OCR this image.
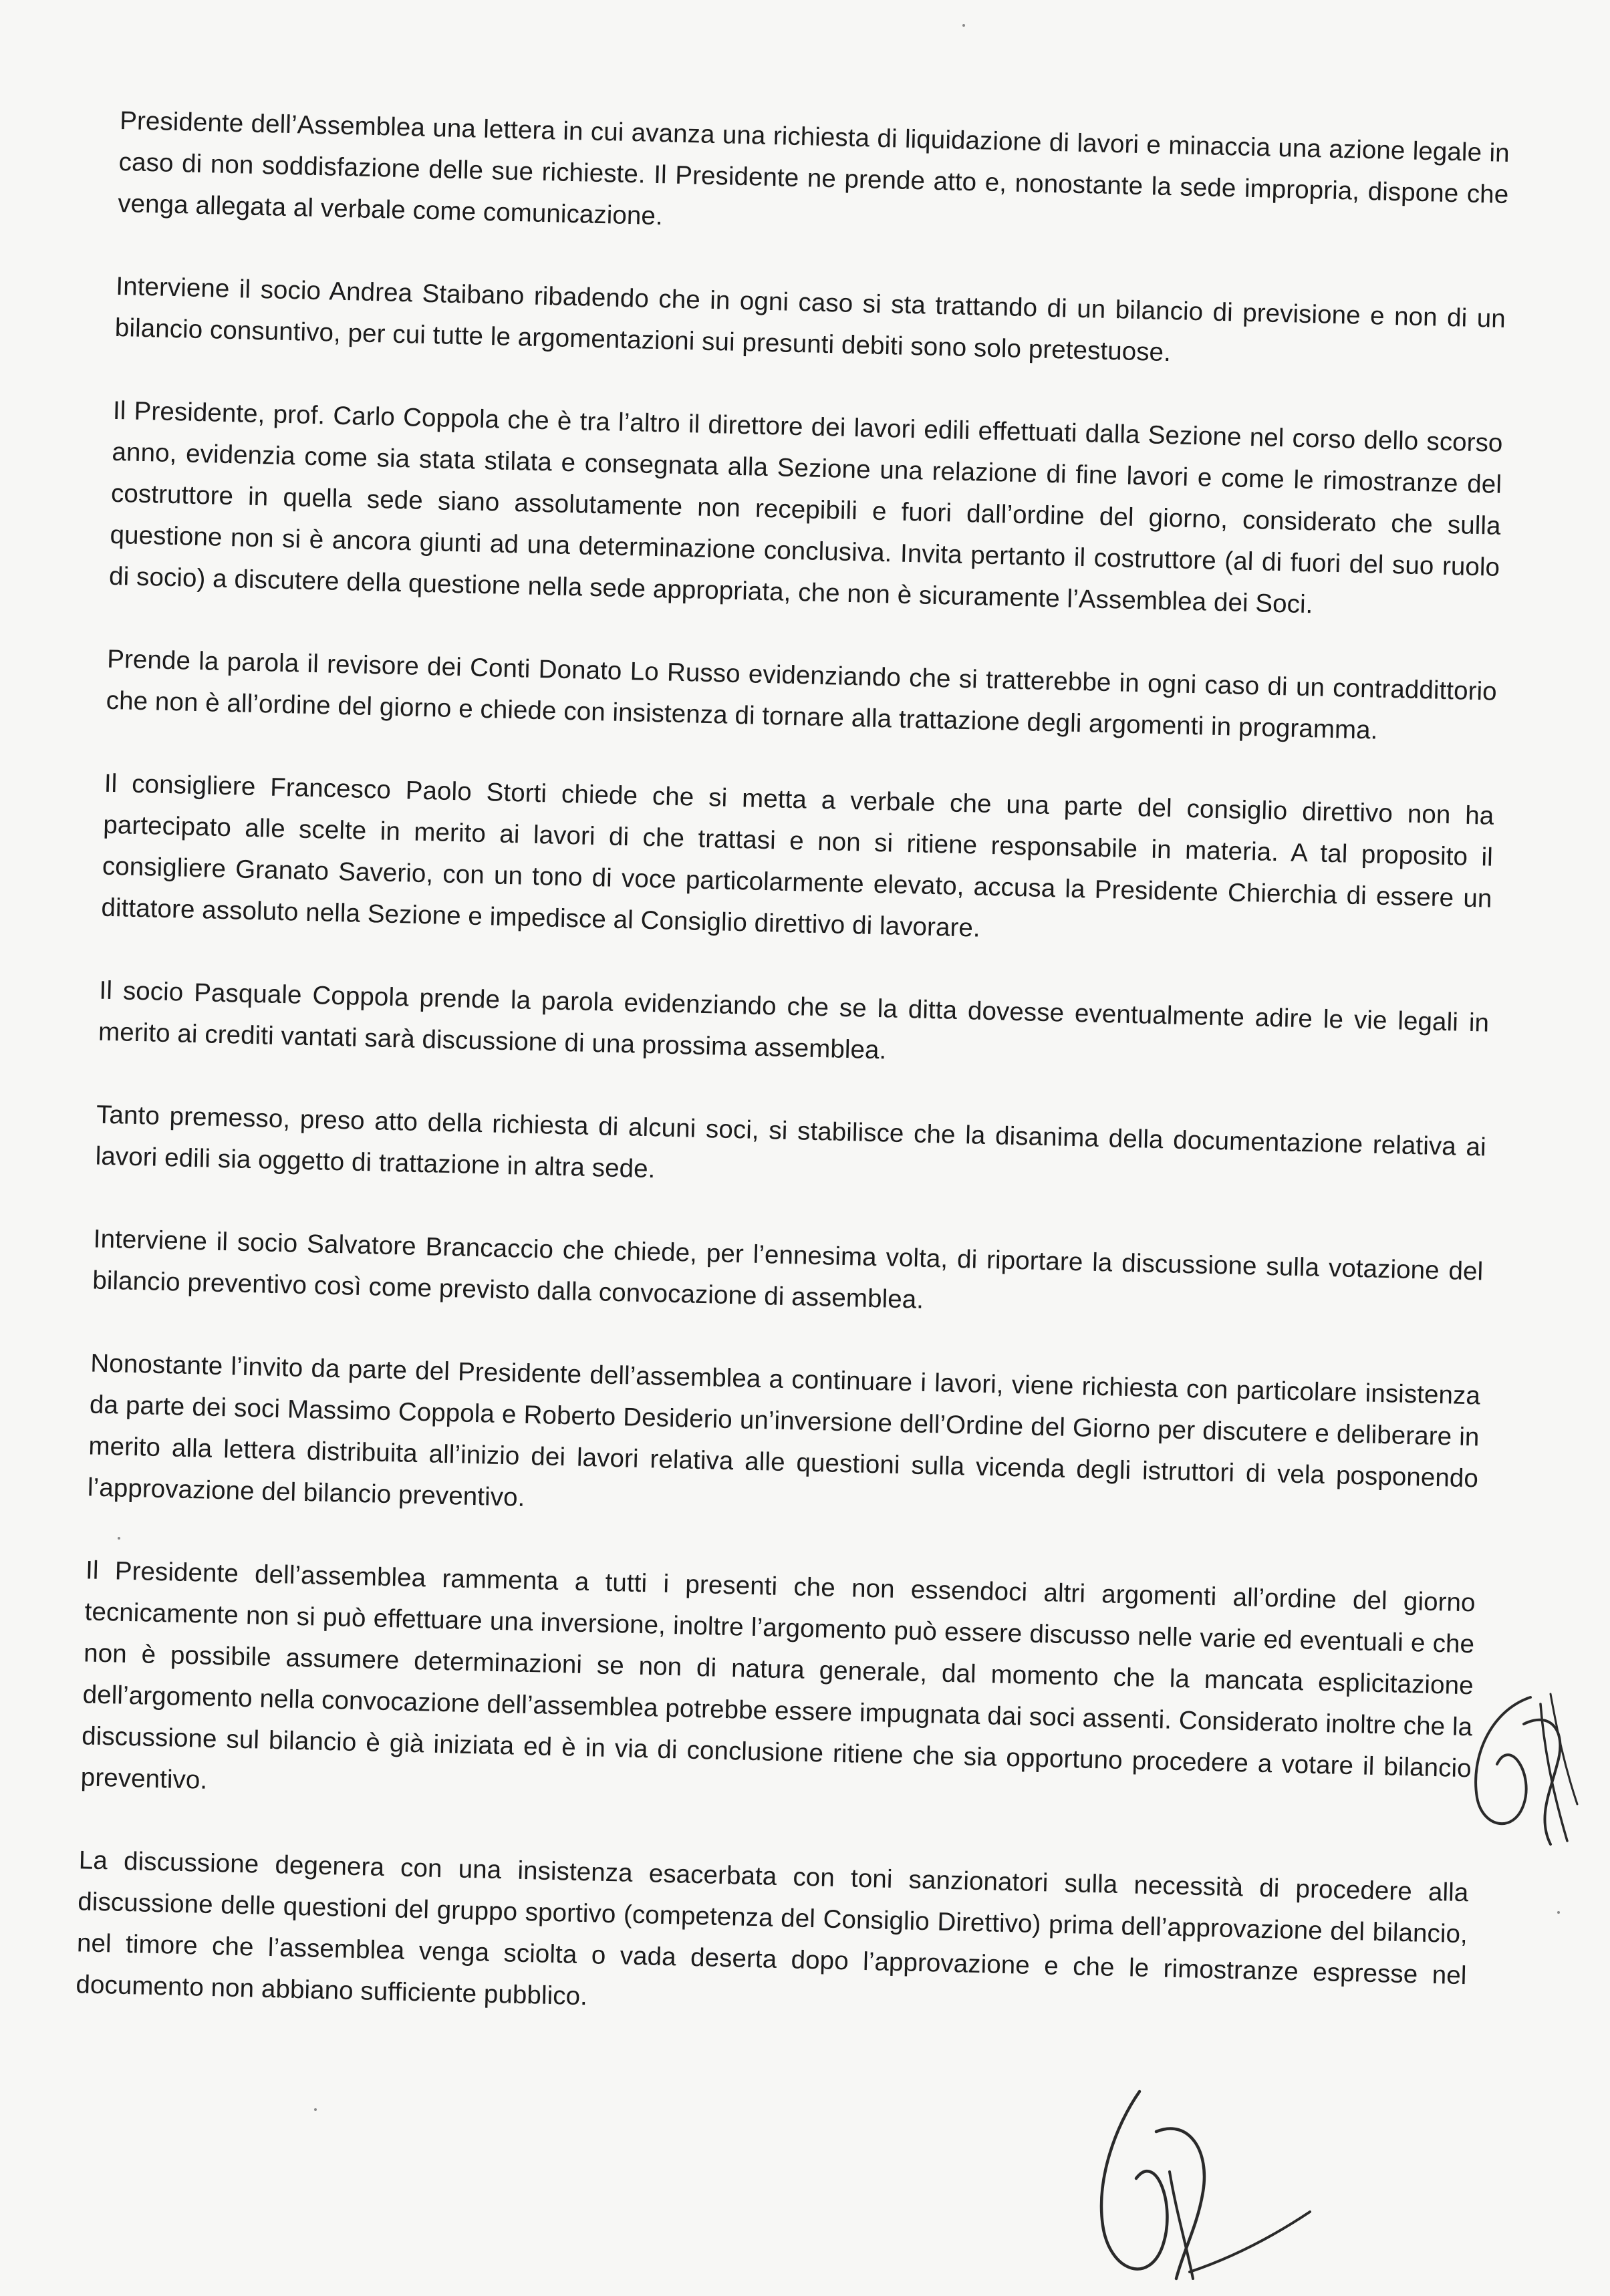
Presidente dell’Assemblea una lettera in cui avanza una richiesta di liquidazione di lavori e minaccia una azione legale in caso di non soddisfazione delle sue richieste. Il Presidente ne prende atto e, nonostante la sede impropria, dispone che venga allegata al verbale come comunicazione.

Interviene il socio Andrea Staibano ribadendo che in ogni caso si sta trattando di un bilancio di previsione e non di un bilancio consuntivo, per cui tutte le argomentazioni sui presunti debiti sono solo pretestuose.

Il Presidente, prof. Carlo Coppola che è tra l’altro il direttore dei lavori edili effettuati dalla Sezione nel corso dello scorso anno, evidenzia come sia stata stilata e consegnata alla Sezione una relazione di fine lavori e come le rimostranze del costruttore in quella sede siano assolutamente non recepibili e fuori dall’ordine del giorno, considerato che sulla questione non si è ancora giunti ad una determinazione conclusiva. Invita pertanto il costruttore (al di fuori del suo ruolo di socio) a discutere della questione nella sede appropriata, che non è sicuramente l’Assemblea dei Soci.

Prende la parola il revisore dei Conti Donato Lo Russo evidenziando che si tratterebbe in ogni caso di un contraddittorio che non è all’ordine del giorno e chiede con insistenza di tornare alla trattazione degli argomenti in programma.

Il consigliere Francesco Paolo Storti chiede che si metta a verbale che una parte del consiglio direttivo non ha partecipato alle scelte in merito ai lavori di che trattasi e non si ritiene responsabile in materia. A tal proposito il consigliere Granato Saverio, con un tono di voce particolarmente elevato, accusa la Presidente Chierchia di essere un dittatore assoluto nella Sezione e impedisce al Consiglio direttivo di lavorare.

Il socio Pasquale Coppola prende la parola evidenziando che se la ditta dovesse eventualmente adire le vie legali in merito ai crediti vantati sarà discussione di una prossima assemblea.

Tanto premesso, preso atto della richiesta di alcuni soci, si stabilisce che la disanima della documentazione relativa ai lavori edili sia oggetto di trattazione in altra sede.

Interviene il socio Salvatore Brancaccio che chiede, per l’ennesima volta, di riportare la discussione sulla votazione del bilancio preventivo così come previsto dalla convocazione di assemblea.

Nonostante l’invito da parte del Presidente dell’assemblea a continuare i lavori, viene richiesta con particolare insistenza da parte dei soci Massimo Coppola e Roberto Desiderio un’inversione dell’Ordine del Giorno per discutere e deliberare in merito alla lettera distribuita all’inizio dei lavori relativa alle questioni sulla vicenda degli istruttori di vela posponendo l’approvazione del bilancio preventivo.

Il Presidente dell’assemblea rammenta a tutti i presenti che non essendoci altri argomenti all’ordine del giorno tecnicamente non si può effettuare una inversione, inoltre l’argomento può essere discusso nelle varie ed eventuali e che non è possibile assumere determinazioni se non di natura generale, dal momento che la mancata esplicitazione dell’argomento nella convocazione dell’assemblea potrebbe essere impugnata dai soci assenti. Considerato inoltre che la discussione sul bilancio è già iniziata ed è in via di conclusione ritiene che sia opportuno procedere a votare il bilancio preventivo.

La discussione degenera con una insistenza esacerbata con toni sanzionatori sulla necessità di procedere alla discussione delle questioni del gruppo sportivo (competenza del Consiglio Direttivo) prima dell’approvazione del bilancio, nel timore che l’assemblea venga sciolta o vada deserta dopo l’approvazione e che le rimostranze espresse nel documento non abbiano sufficiente pubblico.
